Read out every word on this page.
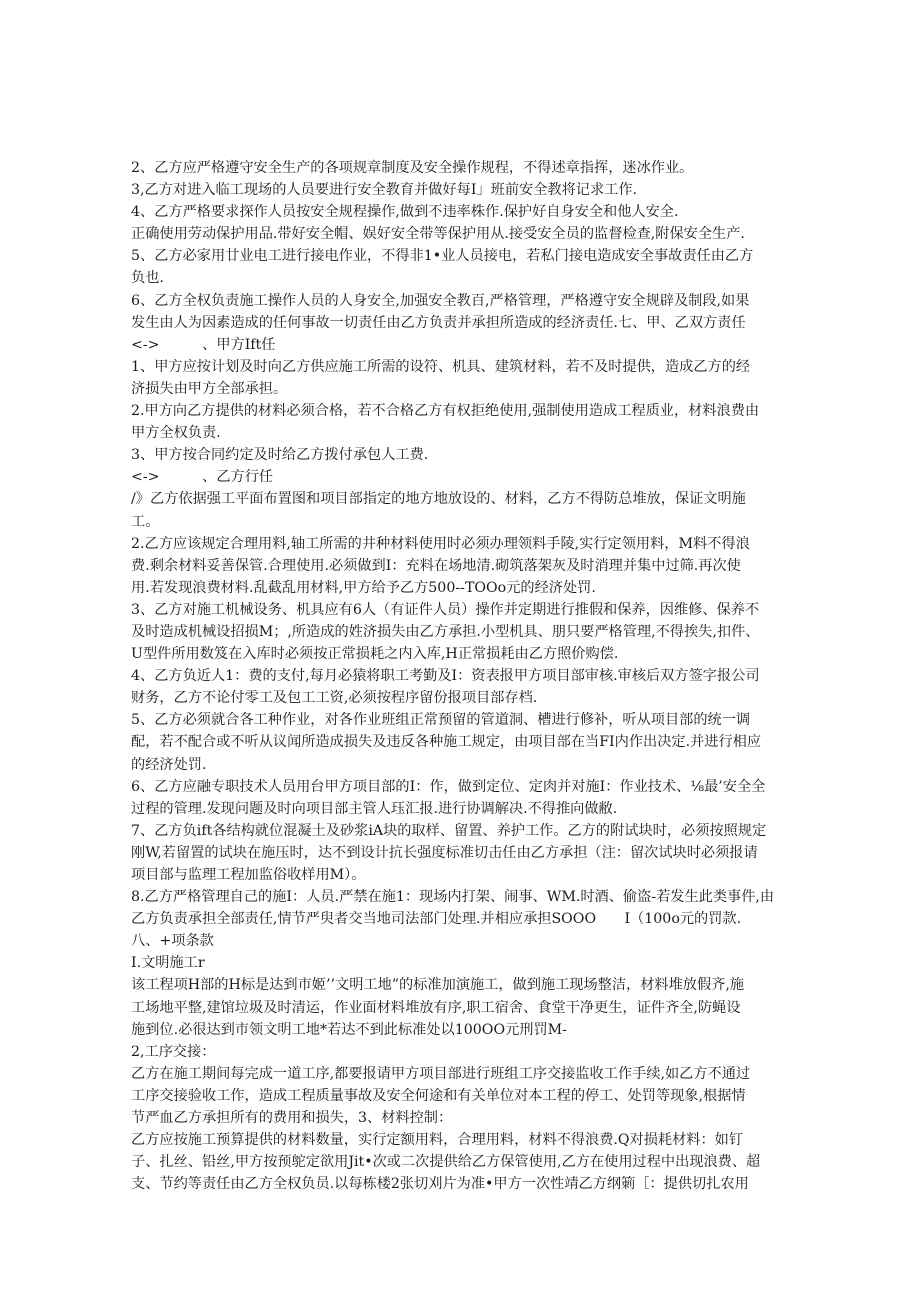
2、乙方应严格遵守安全生产的各项规章制度及安全操作规程，不得述章指挥，迷冰作业。
3,乙方对进入临工现场的人员要进行安全教育并做好每I」班前安全教将记求工作.
4、乙方严格要求探作人员按安全规程操作,做到不违率株作.保护好自身安全和他人安全.
正确使用劳动保护用品.带好安全帽、娱好安全带等保护用从.接受安全员的监督检查,附保安全生产.
5、乙方必家用廿业电工进行接电作业，不得非1•业人员接电，若私门接电造成安全事故责任由乙方
负也.
6、乙方全权负责施工操作人员的人身安全,加强安全教百,严格管理，严格遵守安全规辟及制段,如果
发生由人为因素造成的任何事故一切责任由乙方负责并承担所造成的经济责任.七、甲、乙双方责任
<->　　　、甲方Ift任
1、甲方应按计划及时向乙方供应施工所需的设符、机具、建筑材料，若不及时提供，造成乙方的经
济损失由甲方全部承担。
2.甲方向乙方提供的材料必须合格，若不合格乙方有权拒绝使用,强制使用造成工程质业，材料浪费由
甲方全权负责.
3、甲方按合同约定及时给乙方拨付承包人工费.
<->　　　、乙方行任
/》乙方依据强工平面布置图和项目部指定的地方地放设的、材料，乙方不得防总堆放，保证文明施
工。
2.乙方应该规定合理用料,轴工所需的井种材料使用时必须办理领料手陵,实行定领用料，M料不得浪
费.剩余材料妥善保管.合理使用.必须做到I：充料在场地清.砌筑落架灰及时消理并集中过筛.再次使
用.若发现浪费材料.乱截乱用材料,甲方给予乙方500--TOOo元的经济处罚.
3、乙方对施工机械设务、机具应有6人（有证件人员）操作并定期进行推假和保养，因维修、保养不
及时造成机械设招损M；,所造成的姓济损失由乙方承担.小型机具、朋只要严格管理,不得挨失,扣件、
U型件所用数笈在入库时必须按正常损耗之内入库,H正常损耗由乙方照价购偿.
4、乙方负近人1：费的支付,每月必猿将职工考勤及I：资表报甲方项目部审核.审核后双方签字报公司
财务，乙方不论付零工及包工工资,必须按程序留份报项目部存档.
5、乙方必须就合各工种作业，对各作业班组正常预留的管道洞、槽进行修补，听从项目部的统一调
配，若不配合或不听从议闻所造成损失及违反各种施工规定，由项目部在当FI内作出决定.并进行相应
的经济处罚.
6、乙方应融专职技术人员用台甲方项目部的I：作，做到定位、定肉并对施I：作业技术、⅛最’安全全
过程的管理.发现问题及时向项目部主管人珏汇报.进行协调解决.不得推向做敝.
7、乙方负ift各结构就位混凝土及砂浆iA块的取样、留置、养护工作。乙方的附试块时，必须按照规定
刚W,若留置的试块在施压时，达不到设计抗长强度标准切击任由乙方承担（注：留次试块时必须报请
项目部与监理工程加监俗收样用M）。
8.乙方严格管理自己的施I：人员.严禁在施1：现场内打架、闹事、WM.时酒、偷盗-若发生此类事件,由
乙方负责承担全部责任,情节严臾者交当地司法部门处理.并相应承担SOOO　　I（100o元的罚款.
八、+项条款
I.文明施工r
该工程项H部的H标是达到市姬’’文明工地”的标准加演施工，做到施工现场整洁，材料堆放假齐,施
工场地平整,建馆垃圾及时清运，作业面材料堆放有序,职工宿舍、食堂干净更生，证件齐全,防蝇设
施到位.必很达到市领文明工地*若达不到此标准处以100OO元刑罚M-
2,工序交接：
乙方在施工期间每完成一道工序,都要报请甲方项目部进行班组工序交接监收工作手续,如乙方不通过
工序交接验收工作，造成工程质量事故及安全何途和有关单位对本工程的停工、处罚等现象,根据情
节严血乙方承担所有的费用和损失，3、材料控制：
乙方应按施工预算提供的材料数量，实行定额用料，合理用料，材料不得浪费.Q对损耗材料：如钉
子、扎丝、铅丝,甲方按预鸵定欲用Jit•次或二次提供给乙方保管使用,乙方在使用过程中出现浪费、超
支、节约等责任由乙方全权负员.以每栋楼2张切刈片为准•甲方一次性靖乙方纲箣［：提供切扎农用
